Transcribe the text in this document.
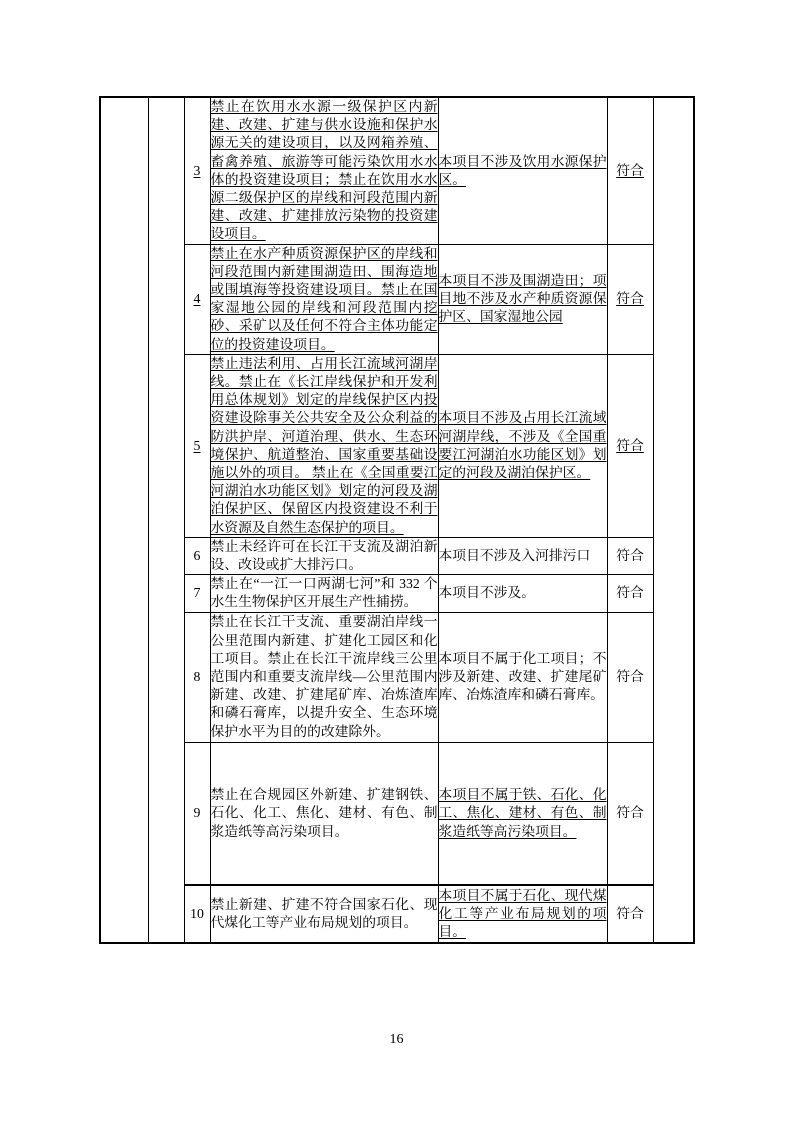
		3	禁止在饮用水水源一级保护区内新建、改建、扩建与供水设施和保护水源无关的建设项目，以及网箱养殖、畜禽养殖、旅游等可能污染饮用水水体的投资建设项目；禁止在饮用水水源二级保护区的岸线和河段范围内新建、改建、扩建排放污染物的投资建设项目。	本项目不涉及饮用水源保护区。	符合	
		4	禁止在水产种质资源保护区的岸线和河段范围内新建围湖造田、围海造地或围填海等投资建设项目。禁止在国家湿地公园的岸线和河段范围内挖砂、采矿以及任何不符合主体功能定位的投资建设项目。	本项目不涉及围湖造田；项目地不涉及水产种质资源保护区、国家湿地公园	符合	
		5	禁止违法利用、占用长江流域河湖岸线。禁止在《长江岸线保护和开发利用总体规划》划定的岸线保护区内投资建设除事关公共安全及公众利益的防洪护岸、河道治理、供水、生态环境保护、航道整治、国家重要基础设施以外的项目。 禁止在《全国重要江河湖泊水功能区划》划定的河段及湖泊保护区、保留区内投资建设不利于水资源及自然生态保护的项目。	本项目不涉及占用长江流域河湖岸线，不涉及《全国重要江河湖泊水功能区划》划定的河段及湖泊保护区。	符合	
		6	禁止未经许可在长江干支流及湖泊新设、改设或扩大排污口。	本项目不涉及入河排污口	符合	
		7	禁止在“一江一口两湖七河”和 332 个水生生物保护区开展生产性捕捞。	本项目不涉及。	符合	
		8	禁止在长江干支流、重要湖泊岸线一公里范围内新建、扩建化工园区和化工项目。禁止在长江干流岸线三公里范围内和重要支流岸线—公里范围内新建、改建、扩建尾矿库、冶炼渣库和磷石膏库，以提升安全、生态环境保护水平为目的的改建除外。	本项目不属于化工项目；不涉及新建、改建、扩建尾矿库、冶炼渣库和磷石膏库。	符合	
		9	禁止在合规园区外新建、扩建钢铁、石化、化工、焦化、建材、有色、制浆造纸等高污染项目。	本项目不属于铁、石化、化工、焦化、建材、有色、制浆造纸等高污染项目。	符合	
		10	禁止新建、扩建不符合国家石化、现代煤化工等产业布局规划的项目。	本项目不属于石化、现代煤化工等产业布局规划的项目。	符合	
16
